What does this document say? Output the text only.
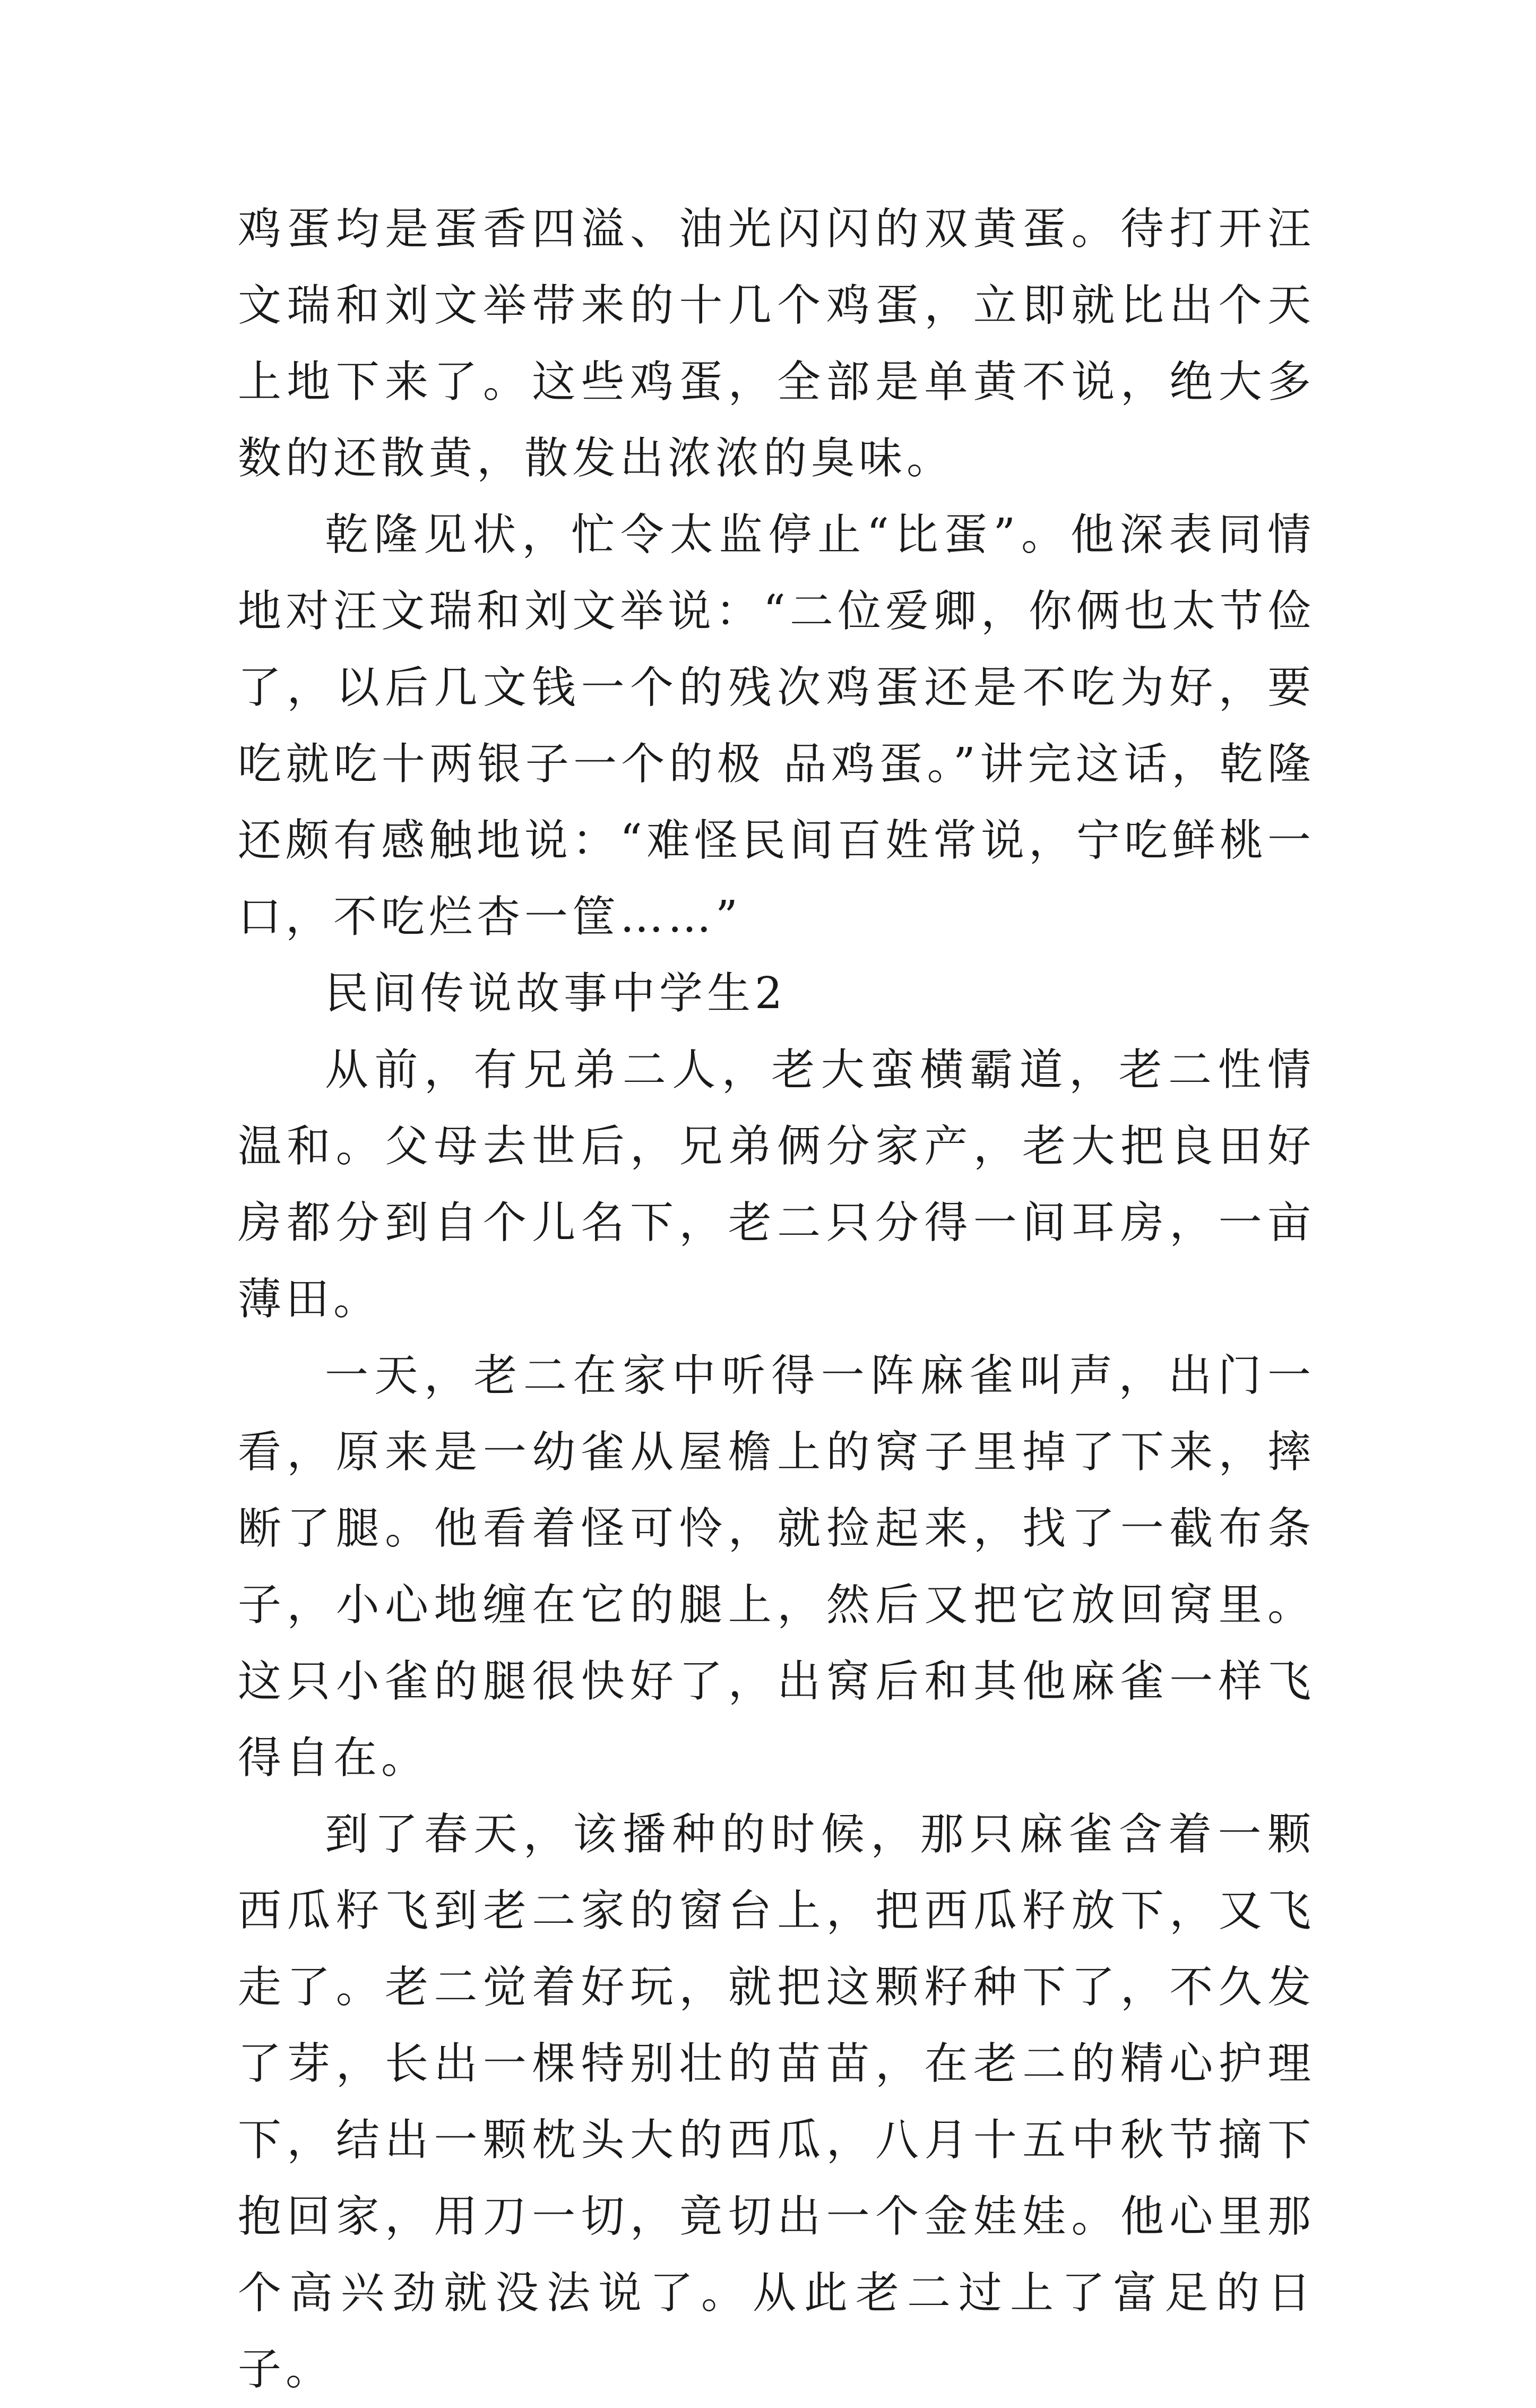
鸡蛋均是蛋香四溢、油光闪闪的双黄蛋。待打开汪文瑞和刘文举带来的十几个鸡蛋，立即就比出个天上地下来了。这些鸡蛋，全部是单黄不说，绝大多数的还散黄，散发出浓浓的臭味。

乾隆见状，忙令太监停止“比蛋”。他深表同情地对汪文瑞和刘文举说：“二位爱卿，你俩也太节俭了，以后几文钱一个的残次鸡蛋还是不吃为好，要吃就吃十两银子一个的极 品鸡蛋。”讲完这话，乾隆还颇有感触地说：“难怪民间百姓常说，宁吃鲜桃一口，不吃烂杏一筐……”

民间传说故事中学生2

从前，有兄弟二人，老大蛮横霸道，老二性情温和。父母去世后，兄弟俩分家产，老大把良田好房都分到自个儿名下，老二只分得一间耳房，一亩薄田。

一天，老二在家中听得一阵麻雀叫声，出门一看，原来是一幼雀从屋檐上的窝子里掉了下来，摔断了腿。他看着怪可怜，就捡起来，找了一截布条子，小心地缠在它的腿上，然后又把它放回窝里。这只小雀的腿很快好了，出窝后和其他麻雀一样飞得自在。

到了春天，该播种的时候，那只麻雀含着一颗西瓜籽飞到老二家的窗台上，把西瓜籽放下，又飞走了。老二觉着好玩，就把这颗籽种下了，不久发了芽，长出一棵特别壮的苗苗，在老二的精心护理下，结出一颗枕头大的西瓜，八月十五中秋节摘下抱回家，用刀一切，竟切出一个金娃娃。他心里那个高兴劲就没法说了。从此老二过上了富足的日子。
